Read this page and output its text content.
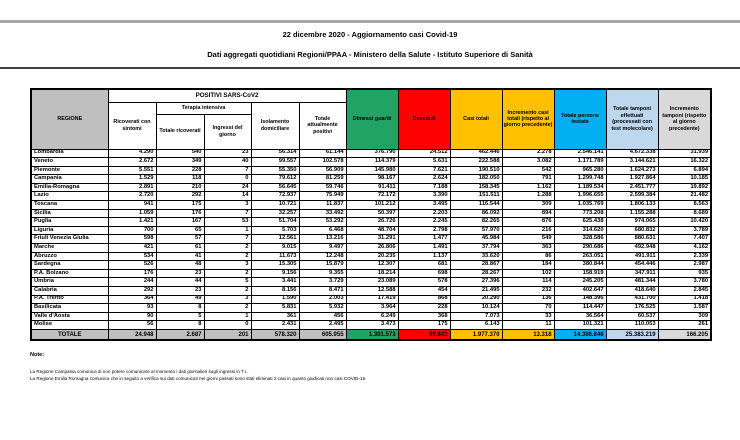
22 dicembre 2020 - Aggiornamento casi Covid-19
Dati aggregati quotidiani Regioni/PPAA - Ministero della Salute - Istituto Superiore di Sanità
REGIONE	POSITIVI SARS-CoV2					Dimessi guariti	Deceduti	Casi totali	Incremento casi totali (rispetto al giorno precedente)	Totale persone testate	Totale tamponi effettuati (processati con test molecolare)	Incremento tamponi (rispetto al giorno precedente)
	Ricoverati con sintomi	Terapia intensiva		Isolamento domiciliare	Totale attualmente positivi							
		Totale ricoverati	Ingressi del giorno									
Lombardia	4.290	540	23	56.314	61.144	376.790	24.512	462.446	2.278	2.546.141	4.672.338	31.939
Veneto	2.672	349	40	99.557	102.578	114.379	5.631	222.588	3.082	1.171.789	3.144.621	16.322
Piemonte	5.551	228	7	55.350	56.909	145.980	7.621	190.510	542	965.280	1.624.273	6.894
Campania	1.529	118	0	79.612	81.259	98.167	2.624	182.050	791	1.299.748	1.927.864	10.185
Emilia-Romagna	2.891	210	24	56.645	59.746	91.411	7.188	158.345	1.162	1.189.534	2.451.777	19.892
Lazio	2.720	292	14	72.937	75.949	72.172	3.390	151.511	1.288	1.996.655	2.599.384	21.482
Toscana	941	175	3	10.721	11.837	101.212	3.495	116.544	309	1.035.769	1.806.133	8.563
Sicilia	1.059	176	7	32.257	33.492	50.397	2.203	86.092	894	773.208	1.155.288	8.689
Puglia	1.421	167	53	51.704	53.292	26.726	2.245	82.265	876	625.438	974.065	10.420
Liguria	700	65	1	5.703	6.468	48.704	2.798	57.970	216	314.620	680.832	3.789
Friuli Venezia Giulia	598	57	7	12.561	13.216	31.291	1.477	45.984	549	328.586	880.631	7.407
Marche	421	61	2	9.015	9.497	26.806	1.491	37.794	363	290.686	492.948	4.162
Abruzzo	534	41	2	11.673	12.248	20.235	1.137	33.620	86	263.051	491.911	2.339
Sardegna	526	48	3	15.305	15.879	12.307	681	28.867	184	380.844	454.446	2.987
P.A. Bolzano	176	23	2	9.156	9.355	18.214	698	28.267	102	158.919	347.911	935
Umbria	244	44	5	3.441	3.729	23.089	578	27.396	114	245.205	481.344	3.780
Calabria	292	23	2	8.156	8.471	12.588	454	21.495	232	402.647	418.640	2.845
P.A. Trento	364	49	3	1.590	2.003	17.419	868	20.290	136	148.396	431.700	1.418
Basilicata	93	8	2	5.831	5.932	3.964	228	10.124	70	114.447	176.525	1.587
Valle d'Aosta	90	5	1	361	456	6.249	368	7.073	33	36.564	60.537	309
Molise	56	8	0	2.431	2.495	3.473	175	6.143	11	101.321	110.053	261
TOTALE	24.948	2.687	201	578.320	605.955	1.301.573	69.842	1.977.370	13.318	14.386.848	25.383.219	166.205
Note:
La Regione Campania comunica di non potere comunicare al momento i dati giornalieri sugli ingressi in T.I..
La Regione Emilia Romagna comunica che in seguito a verifica sui dati comunicati nei giorni passati sono stati eliminati 2 casi in quanto giudicati non casi COVID-19.
